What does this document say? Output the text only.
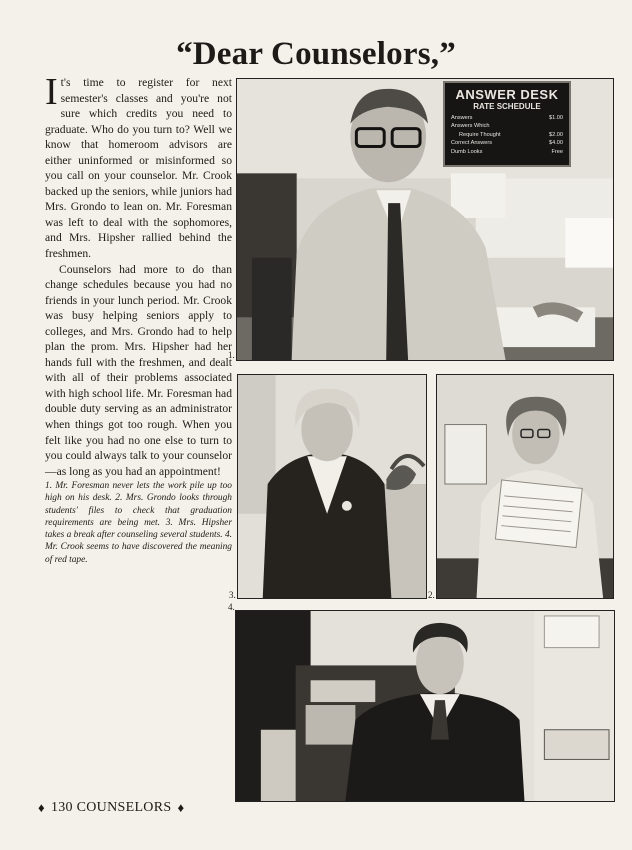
“Dear Counselors,”

It's time to register for next semester's classes and you're not sure which credits you need to graduate. Who do you turn to? Well we know that homeroom advisors are either uninformed or misinformed so you call on your counselor. Mr. Crook backed up the seniors, while juniors had Mrs. Grondo to lean on. Mr. Foresman was left to deal with the sophomores, and Mrs. Hipsher rallied behind the freshmen.

Counselors had more to do than change schedules because you had no friends in your lunch period. Mr. Crook was busy helping seniors apply to colleges, and Mrs. Grondo had to help plan the prom. Mrs. Hipsher had her hands full with the freshmen, and dealt with all of their problems associated with high school life. Mr. Foresman had double duty serving as an administrator when things got too rough. When you felt like you had no one else to turn to you could always talk to your counselor—as long as you had an appointment!

1. Mr. Foresman never lets the work pile up too high on his desk. 2. Mrs. Grondo looks through students' files to check that graduation requirements are being met. 3. Mrs. Hipsher takes a break after counseling several students. 4. Mr. Crook seems to have discovered the meaning of red tape.
ANSWER DESK
RATE SCHEDULE
Answers	$1.00
Answers Which
Require Thought	$2.00
Correct Answers	$4.00
Dumb Looks	Free
1.
3.	2.
4.
♦ 130 COUNSELORS ♦
